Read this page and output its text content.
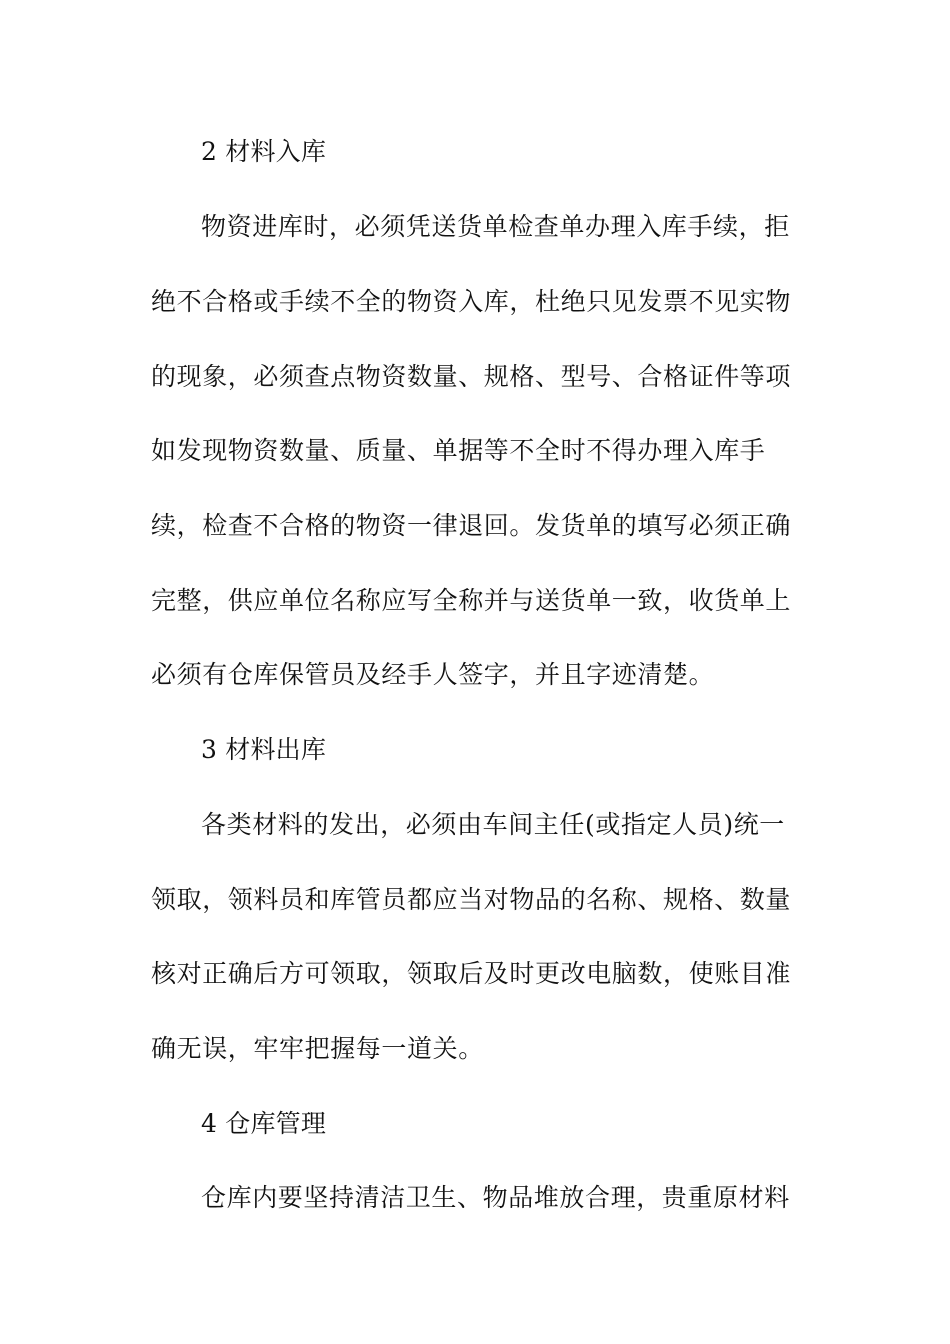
2 材料入库
物资进库时，必须凭送货单检查单办理入库手续，拒
绝不合格或手续不全的物资入库，杜绝只见发票不见实物
的现象，必须查点物资数量、规格、型号、合格证件等项
如发现物资数量、质量、单据等不全时不得办理入库手
续，检查不合格的物资一律退回。发货单的填写必须正确
完整，供应单位名称应写全称并与送货单一致，收货单上
必须有仓库保管员及经手人签字，并且字迹清楚。
3 材料出库
各类材料的发出，必须由车间主任(或指定人员)统一
领取，领料员和库管员都应当对物品的名称、规格、数量
核对正确后方可领取，领取后及时更改电脑数，使账目准
确无误，牢牢把握每一道关。
4 仓库管理
仓库内要坚持清洁卫生、物品堆放合理，贵重原材料
